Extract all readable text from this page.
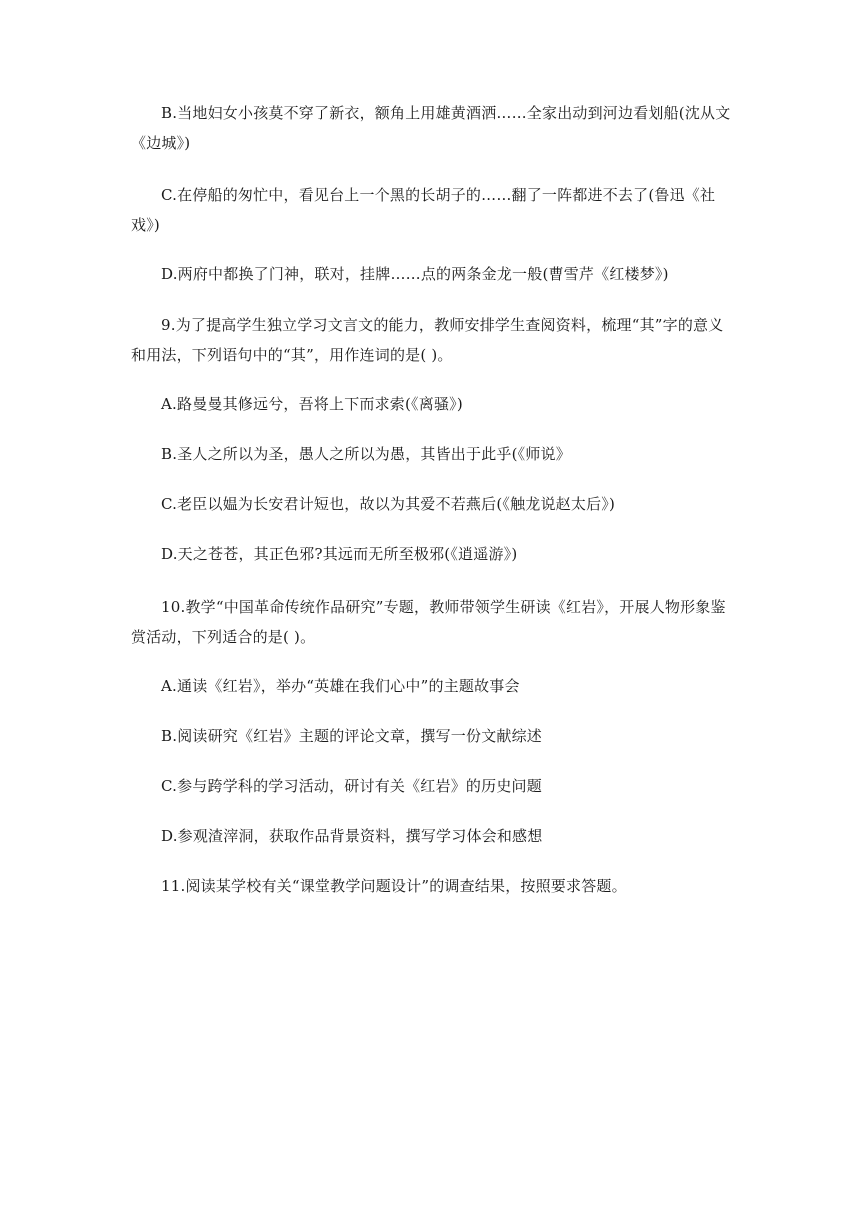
B.当地妇女小孩莫不穿了新衣，额角上用雄黄酒洒……全家出动到河边看划船(沈从文《边城》)

C.在停船的匆忙中，看见台上一个黑的长胡子的……翻了一阵都进不去了(鲁迅《社戏》)

D.两府中都换了门神，联对，挂牌……点的两条金龙一般(曹雪芹《红楼梦》)

9.为了提高学生独立学习文言文的能力，教师安排学生查阅资料，梳理“其”字的意义和用法，下列语句中的“其”，用作连词的是( )。

A.路曼曼其修远兮，吾将上下而求索(《离骚》)

B.圣人之所以为圣，愚人之所以为愚，其皆出于此乎(《师说》

C.老臣以媪为长安君计短也，故以为其爱不若燕后(《触龙说赵太后》)

D.天之苍苍，其正色邪?其远而无所至极邪(《逍遥游》)

10.教学“中国革命传统作品研究”专题，教师带领学生研读《红岩》，开展人物形象鉴赏活动，下列适合的是( )。

A.通读《红岩》，举办“英雄在我们心中”的主题故事会

B.阅读研究《红岩》主题的评论文章，撰写一份文献综述

C.参与跨学科的学习活动，研讨有关《红岩》的历史问题

D.参观渣滓洞，获取作品背景资料，撰写学习体会和感想

11.阅读某学校有关“课堂教学问题设计”的调查结果，按照要求答题。
